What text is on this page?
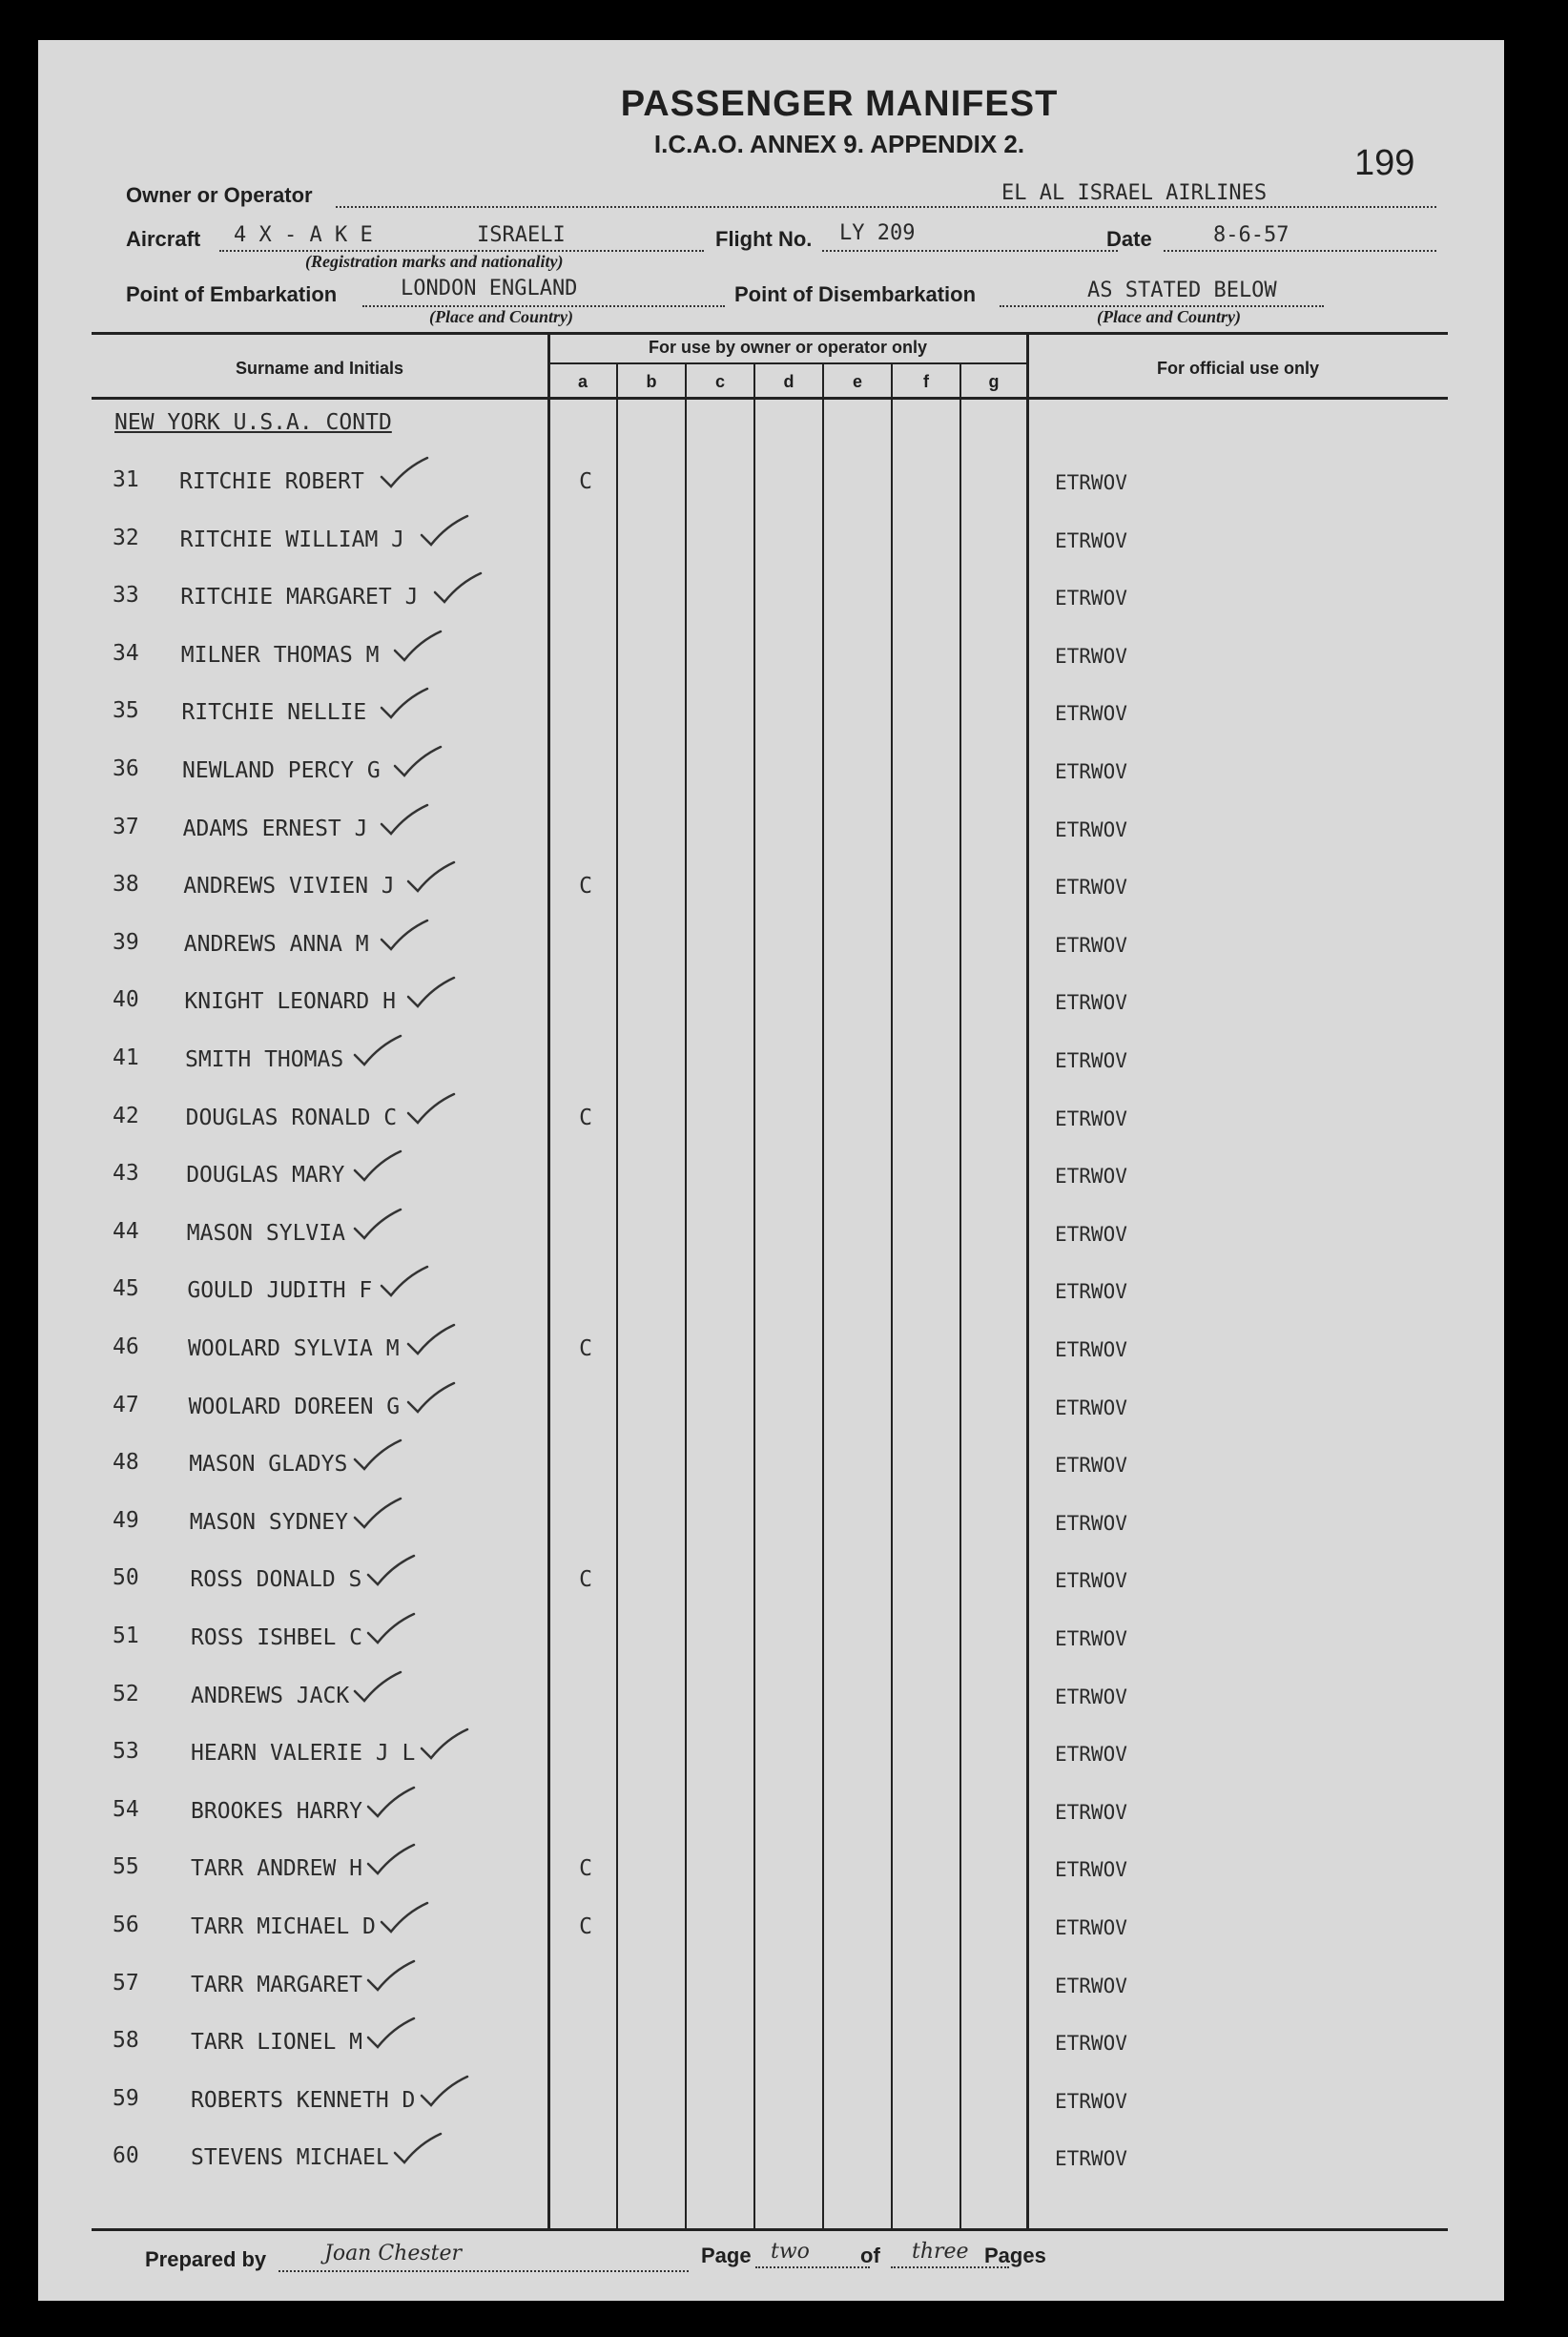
PASSENGER MANIFEST
I.C.A.O. ANNEX 9. APPENDIX 2.	199
Owner or Operator	EL AL ISRAEL AIRLINES
Aircraft 4 X - A K E	ISRAELI
(Registration marks and nationality)
Flight No. LY 209	Date	8-6-57
Point of Embarkation	LONDON ENGLAND
(Place and Country)
Point of Disembarkation	AS STATED BELOW
(Place and Country)
Surname and Initials
For use by owner or operator only
For official use only
a	b	c	d	e	f	g
NEW YORK U.S.A. CONTD
31 RITCHIE ROBERT	C	ETRWOV
32 RITCHIE WILLIAM J	ETRWOV
33 RITCHIE MARGARET J	ETRWOV
34 MILNER THOMAS M	ETRWOV
35 RITCHIE NELLIE	ETRWOV
36 NEWLAND PERCY G	ETRWOV
37 ADAMS ERNEST J	ETRWOV
38 ANDREWS VIVIEN J	C	ETRWOV
39 ANDREWS ANNA M	ETRWOV
40 KNIGHT LEONARD H	ETRWOV
41 SMITH THOMAS	ETRWOV
42 DOUGLAS RONALD C	C	ETRWOV
43 DOUGLAS MARY	ETRWOV
44 MASON SYLVIA	ETRWOV
45 GOULD JUDITH F	ETRWOV
46 WOOLARD SYLVIA M	C	ETRWOV
47 WOOLARD DOREEN G	ETRWOV
48 MASON GLADYS	ETRWOV
49 MASON SYDNEY	ETRWOV
50 ROSS DONALD S	C	ETRWOV
51 ROSS ISHBEL C	ETRWOV
52 ANDREWS JACK	ETRWOV
53 HEARN VALERIE J L	ETRWOV
54 BROOKES HARRY	ETRWOV
55 TARR ANDREW H	C	ETRWOV
56 TARR MICHAEL D	C	ETRWOV
57 TARR MARGARET	ETRWOV
58 TARR LIONEL M	ETRWOV
59 ROBERTS KENNETH D	ETRWOV
60 STEVENS MICHAEL	ETRWOV
Prepared by	Joan Chester	Page two of three Pages
